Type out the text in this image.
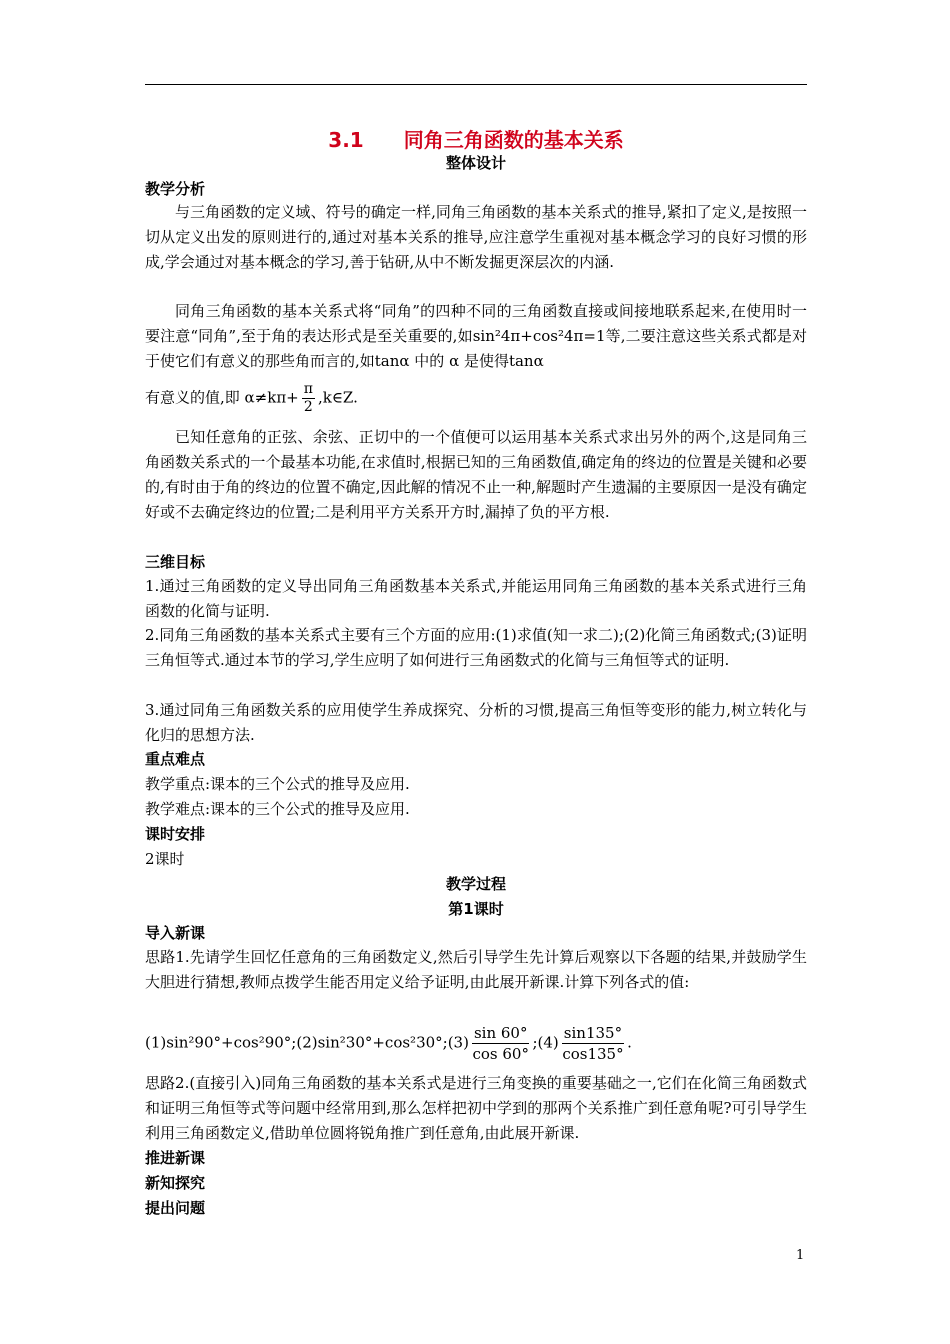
3.1 同角三角函数的基本关系
整体设计
教学分析
与三角函数的定义域、符号的确定一样,同角三角函数的基本关系式的推导,紧扣了定义,是按照一切从定义出发的原则进行的,通过对基本关系的推导,应注意学生重视对基本概念学习的良好习惯的形成,学会通过对基本概念的学习,善于钻研,从中不断发掘更深层次的内涵.
同角三角函数的基本关系式将“同角”的四种不同的三角函数直接或间接地联系起来,在使用时一要注意“同角”,至于角的表达形式是至关重要的,如sin²4π+cos²4π=1等,二要注意这些关系式都是对于使它们有意义的那些角而言的,如tanα 中的 α 是使得tanα
有意义的值,即 $\alpha\ne k\pi+ \frac{\pi}{2}$ ,k∈Z.
已知任意角的正弦、余弦、正切中的一个值便可以运用基本关系式求出另外的两个,这是同角三角函数关系式的一个最基本功能,在求值时,根据已知的三角函数值,确定角的终边的位置是关键和必要的,有时由于角的终边的位置不确定,因此解的情况不止一种,解题时产生遗漏的主要原因一是没有确定好或不去确定终边的位置;二是利用平方关系开方时,漏掉了负的平方根.
三维目标
1.通过三角函数的定义导出同角三角函数基本关系式,并能运用同角三角函数的基本关系式进行三角函数的化简与证明.
2.同角三角函数的基本关系式主要有三个方面的应用:(1)求值(知一求二);(2)化简三角函数式;(3)证明三角恒等式.通过本节的学习,学生应明了如何进行三角函数式的化简与三角恒等式的证明.
3.通过同角三角函数关系的应用使学生养成探究、分析的习惯,提高三角恒等变形的能力,树立转化与化归的思想方法.
重点难点
教学重点:课本的三个公式的推导及应用.
教学难点:课本的三个公式的推导及应用.
课时安排
2课时
教学过程
第1课时
导入新课
思路1.先请学生回忆任意角的三角函数定义,然后引导学生先计算后观察以下各题的结果,并鼓励学生大胆进行猜想,教师点拨学生能否用定义给予证明,由此展开新课.计算下列各式的值:
(1)sin²90°+cos²90°;(2)sin²30°+cos²30°;(3) $\frac{\sin 60^\circ}{\cos 60^\circ}$ ;(4) $\frac{\sin 135^\circ}{\cos 135^\circ}$ .
思路2.(直接引入)同角三角函数的基本关系式是进行三角变换的重要基础之一,它们在化简三角函数式和证明三角恒等式等问题中经常用到,那么怎样把初中学到的那两个关系推广到任意角呢?可引导学生利用三角函数定义,借助单位圆将锐角推广到任意角,由此展开新课.
推进新课
新知探究
提出问题
1
